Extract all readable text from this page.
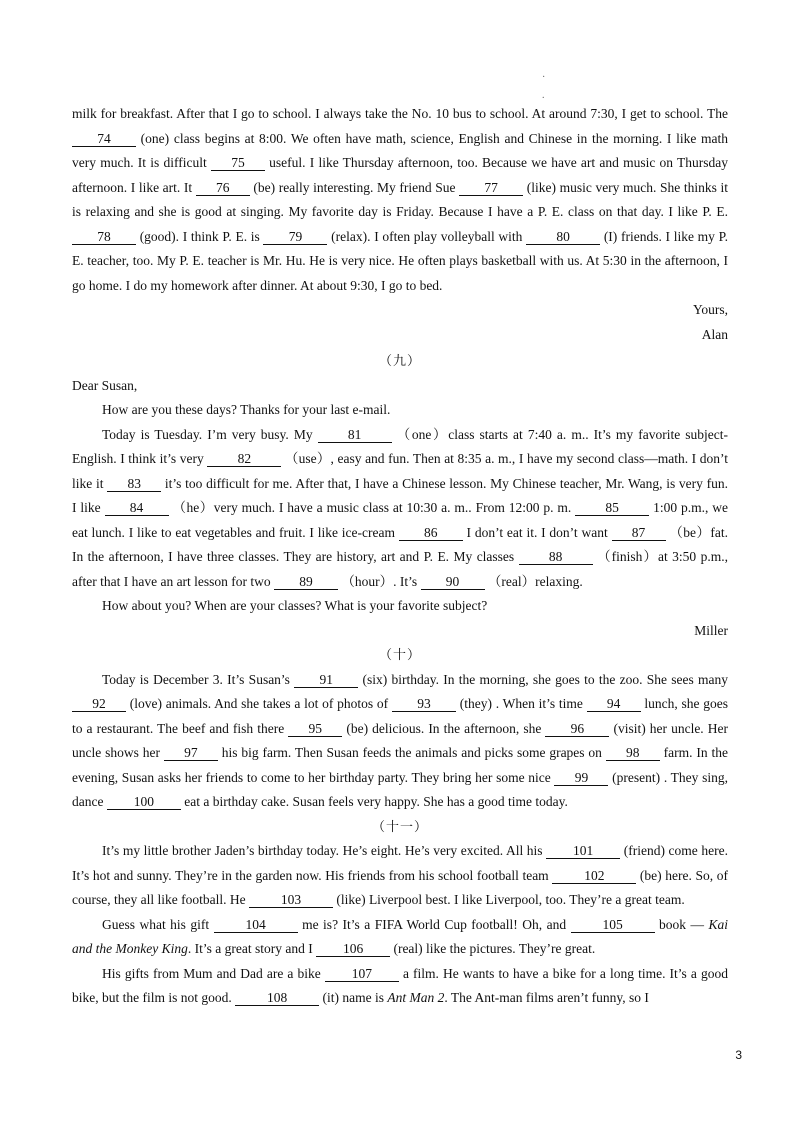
·
.

milk for breakfast. After that I go to school. I always take the No. 10 bus to school. At around 7:30, I get to school. The 74 (one) class begins at 8:00. We often have math, science, English and Chinese in the morning. I like math very much. It is difficult 75 useful. I like Thursday afternoon, too. Because we have art and music on Thursday afternoon. I like art. It 76 (be) really interesting. My friend Sue 77 (like) music very much. She thinks it is relaxing and she is good at singing. My favorite day is Friday. Because I have a P. E. class on that day. I like P. E. 78 (good). I think P. E. is 79 (relax). I often play volleyball with 80 (I) friends. I like my P. E. teacher, too. My P. E. teacher is Mr. Hu. He is very nice. He often plays basketball with us. At 5:30 in the afternoon, I go home. I do my homework after dinner. At about 9:30, I go to bed.

Yours,
Alan
（九）

Dear Susan,

How are you these days? Thanks for your last e-mail.

Today is Tuesday. I’m very busy. My 81 （one）class starts at 7:40 a. m.. It’s my favorite subject-English. I think it’s very 82 （use）, easy and fun. Then at 8:35 a. m., I have my second class—math. I don’t like it 83 it’s too difficult for me. After that, I have a Chinese lesson. My Chinese teacher, Mr. Wang, is very fun. I like 84 （he）very much. I have a music class at 10:30 a. m.. From 12:00 p. m. 85 1:00 p.m., we eat lunch. I like to eat vegetables and fruit. I like ice-cream 86 I don’t eat it. I don’t want 87 （be）fat. In the afternoon, I have three classes. They are history, art and P. E. My classes 88 （finish）at 3:50 p.m., after that I have an art lesson for two 89 （hour）. It’s 90 （real）relaxing.

How about you? When are your classes? What is your favorite subject?

Miller
（十）

Today is December 3. It’s Susan’s 91 (six) birthday. In the morning, she goes to the zoo. She sees many 92 (love) animals. And she takes a lot of photos of 93 (they) . When it’s time 94 lunch, she goes to a restaurant. The beef and fish there 95 (be) delicious. In the afternoon, she 96 (visit) her uncle. Her uncle shows her 97 his big farm. Then Susan feeds the animals and picks some grapes on 98 farm. In the evening, Susan asks her friends to come to her birthday party. They bring her some nice 99 (present) . They sing, dance 100 eat a birthday cake. Susan feels very happy. She has a good time today.

（十一）

It’s my little brother Jaden’s birthday today. He’s eight. He’s very excited. All his 101 (friend) come here. It’s hot and sunny. They’re in the garden now. His friends from his school football team 102 (be) here. So, of course, they all like football. He 103 (like) Liverpool best. I like Liverpool, too. They’re a great team.

Guess what his gift 104 me is? It’s a FIFA World Cup football! Oh, and 105 book — Kai and the Monkey King. It’s a great story and I 106 (real) like the pictures. They’re great.

His gifts from Mum and Dad are a bike 107 a film. He wants to have a bike for a long time. It’s a good bike, but the film is not good. 108 (it) name is Ant Man 2. The Ant-man films aren’t funny, so I

3
